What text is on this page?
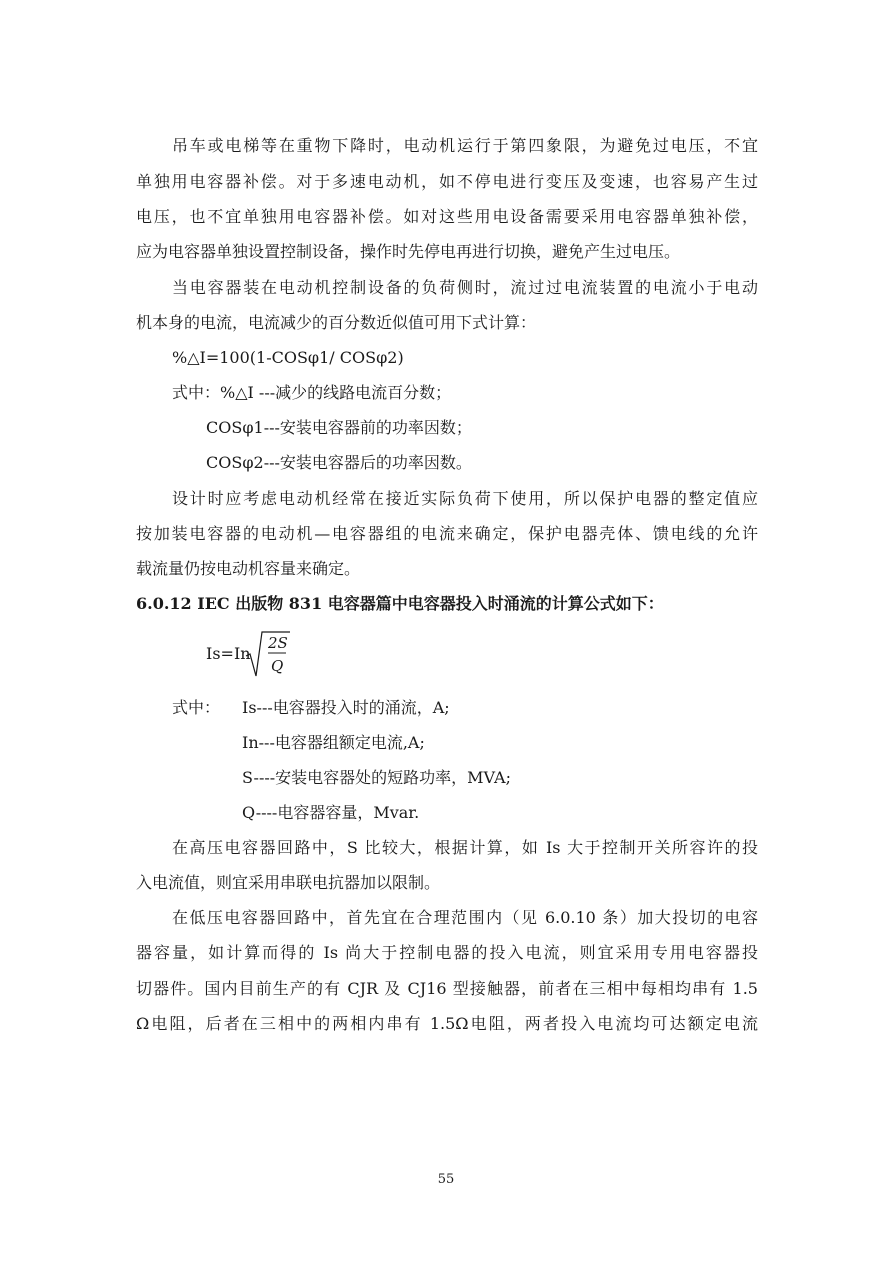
吊车或电梯等在重物下降时，电动机运行于第四象限，为避免过电压，不宜
单独用电容器补偿。对于多速电动机，如不停电进行变压及变速，也容易产生过
电压，也不宜单独用电容器补偿。如对这些用电设备需要采用电容器单独补偿，
应为电容器单独设置控制设备，操作时先停电再进行切换，避免产生过电压。
当电容器装在电动机控制设备的负荷侧时，流过过电流装置的电流小于电动
机本身的电流，电流减少的百分数近似值可用下式计算：
%△I=100(1-COSφ1/ COSφ2)
式中：%△I ---减少的线路电流百分数；
COSφ1---安装电容器前的功率因数；
COSφ2---安装电容器后的功率因数。
设计时应考虑电动机经常在接近实际负荷下使用，所以保护电器的整定值应
按加装电容器的电动机—电容器组的电流来确定，保护电器壳体、馈电线的允许
载流量仍按电动机容量来确定。
6.0.12 IEC 出版物 831 电容器篇中电容器投入时涌流的计算公式如下：
Is=In
2S
Q
式中：	Is---电容器投入时的涌流，A;
In---电容器组额定电流,A;
S----安装电容器处的短路功率，MVA;
Q----电容器容量，Mvar.
在高压电容器回路中，S 比较大，根据计算，如 Is 大于控制开关所容许的投
入电流值，则宜采用串联电抗器加以限制。
在低压电容器回路中，首先宜在合理范围内（见 6.0.10 条）加大投切的电容
器容量，如计算而得的 Is 尚大于控制电器的投入电流，则宜采用专用电容器投
切器件。国内目前生产的有 CJR 及 CJ16 型接触器，前者在三相中每相均串有 1.5
Ω电阻，后者在三相中的两相内串有 1.5Ω电阻，两者投入电流均可达额定电流
55
